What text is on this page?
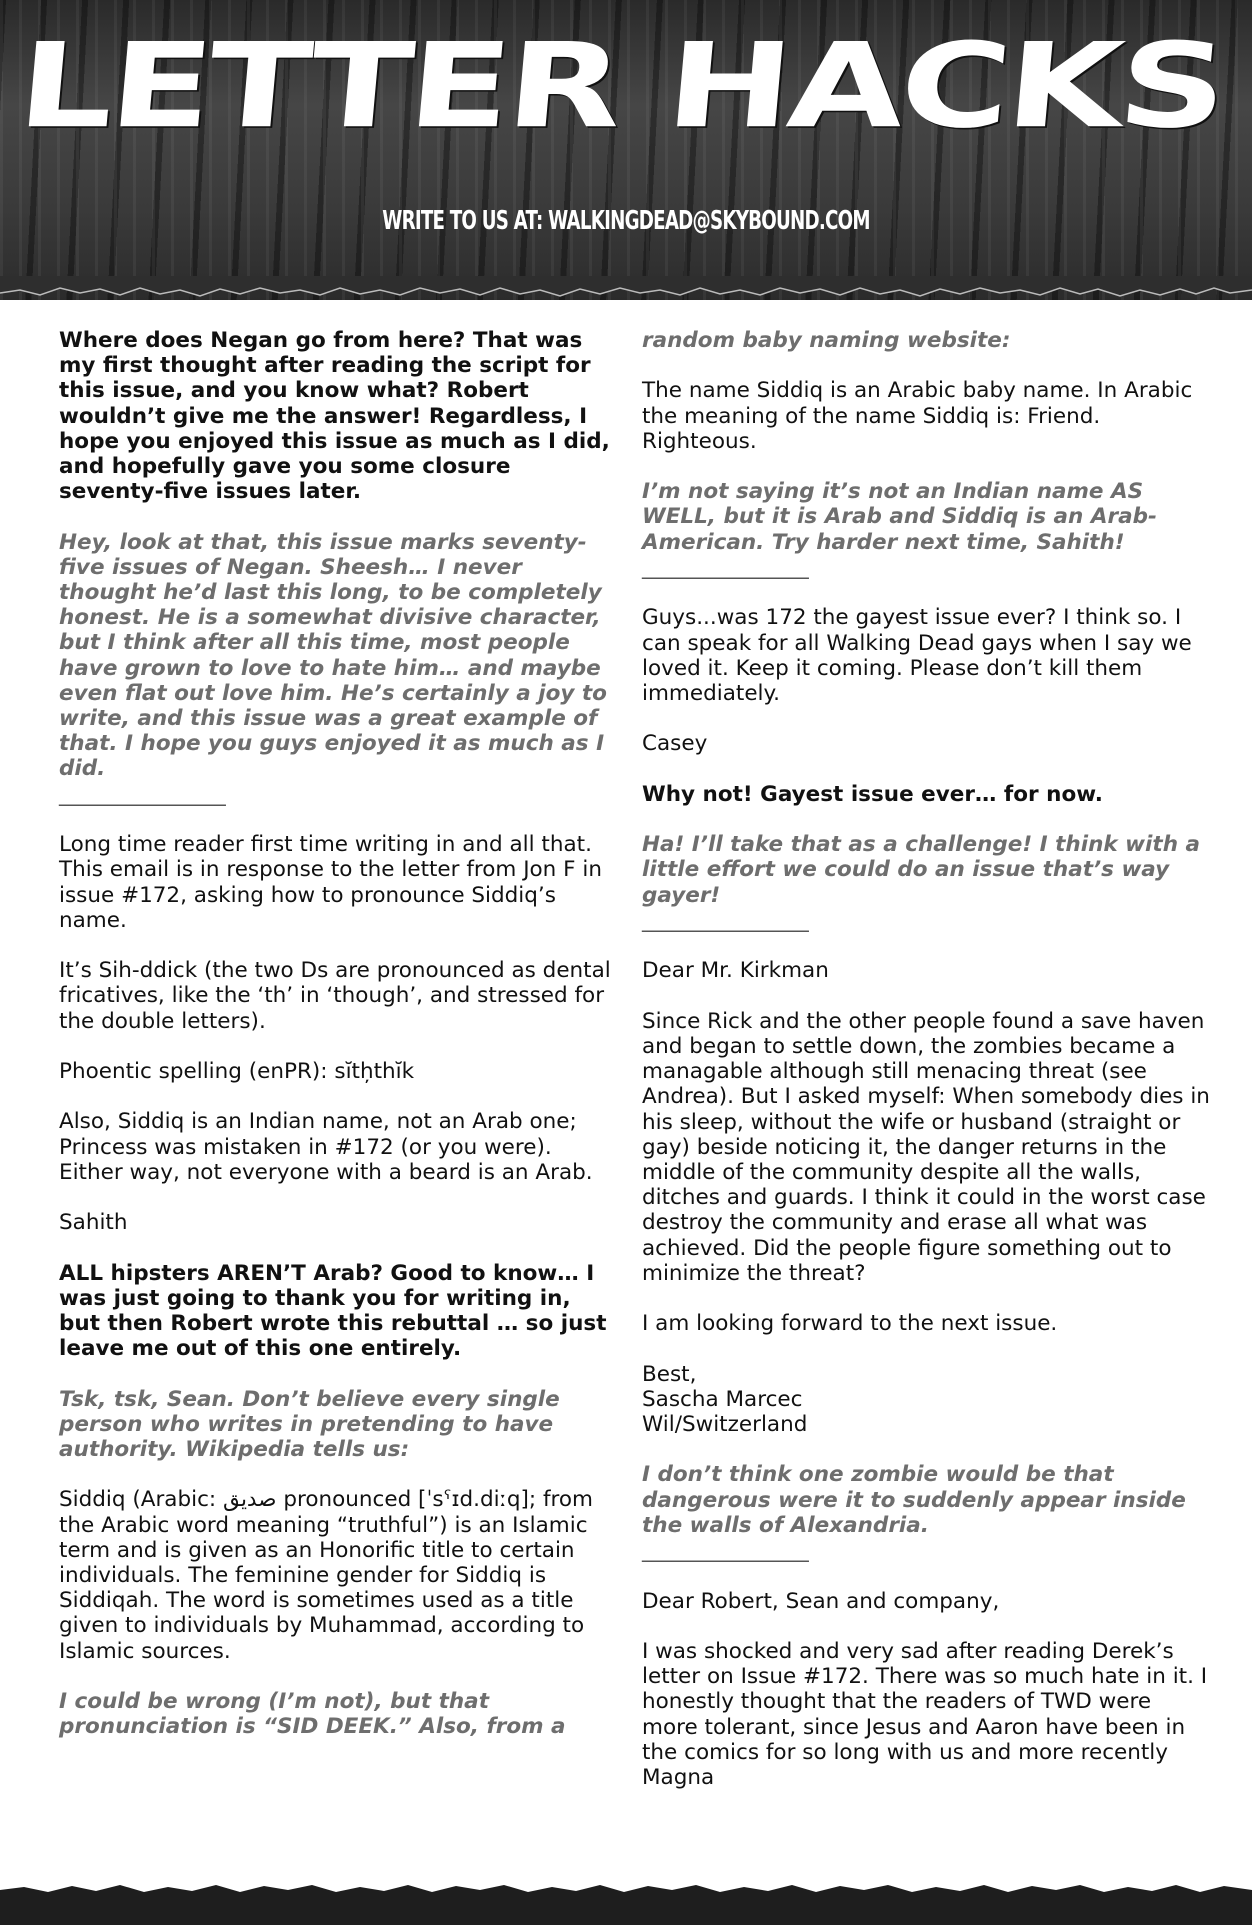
LETTER HACKS
WRITE TO US AT: WALKINGDEAD@SKYBOUND.COM

Where does Negan go from here? That was my first thought after reading the script for this issue, and you know what? Robert wouldn’t give me the answer! Regardless, I hope you enjoyed this issue as much as I did, and hopefully gave you some closure seventy-five issues later.

Hey, look at that, this issue marks seventy-five issues of Negan. Sheesh… I never thought he’d last this long, to be completely honest. He is a somewhat divisive character, but I think after all this time, most people have grown to love to hate him… and maybe even flat out love him. He’s certainly a joy to write, and this issue was a great example of that. I hope you guys enjoyed it as much as I did.

_________________

Long time reader first time writing in and all that. This email is in response to the letter from Jon F in issue #172, asking how to pronounce Siddiq’s name.

It’s Sih-ddick (the two Ds are pronounced as dental fricatives, like the ‘th’ in ‘though’, and stressed for the double letters).

Phoentic spelling (enPR): sĭth̦thĭk

Also, Siddiq is an Indian name, not an Arab one; Princess was mistaken in #172 (or you were). Either way, not everyone with a beard is an Arab.

Sahith

ALL hipsters AREN’T Arab? Good to know… I was just going to thank you for writing in, but then Robert wrote this rebuttal … so just leave me out of this one entirely.

Tsk, tsk, Sean. Don’t believe every single person who writes in pretending to have authority. Wikipedia tells us:

Siddiq (Arabic: صدیق pronounced [ˈsˤɪd.diːq]; from the Arabic word meaning “truthful”) is an Islamic term and is given as an Honorific title to certain individuals. The feminine gender for Siddiq is Siddiqah. The word is sometimes used as a title given to individuals by Muhammad, according to Islamic sources.

I could be wrong (I’m not), but that pronunciation is “SID DEEK.” Also, from a

random baby naming website:

The name Siddiq is an Arabic baby name. In Arabic the meaning of the name Siddiq is: Friend. Righteous.

I’m not saying it’s not an Indian name AS WELL, but it is Arab and Siddiq is an Arab-American. Try harder next time, Sahith!

_________________

Guys...was 172 the gayest issue ever? I think so. I can speak for all Walking Dead gays when I say we loved it. Keep it coming. Please don’t kill them immediately.

Casey

Why not! Gayest issue ever… for now.

Ha! I’ll take that as a challenge! I think with a little effort we could do an issue that’s way gayer!

_________________

Dear Mr. Kirkman

Since Rick and the other people found a save haven and began to settle down, the zombies became a managable although still menacing threat (see Andrea). But I asked myself: When somebody dies in his sleep, without the wife or husband (straight or gay) beside noticing it, the danger returns in the middle of the community despite all the walls, ditches and guards. I think it could in the worst case destroy the community and erase all what was achieved. Did the people figure something out to minimize the threat?

I am looking forward to the next issue.

Best,
Sascha Marcec
Wil/Switzerland

I don’t think one zombie would be that dangerous were it to suddenly appear inside the walls of Alexandria.

_________________

Dear Robert, Sean and company,

I was shocked and very sad after reading Derek’s letter on Issue #172. There was so much hate in it. I honestly thought that the readers of TWD were more tolerant, since Jesus and Aaron have been in the comics for so long with us and more recently Magna
